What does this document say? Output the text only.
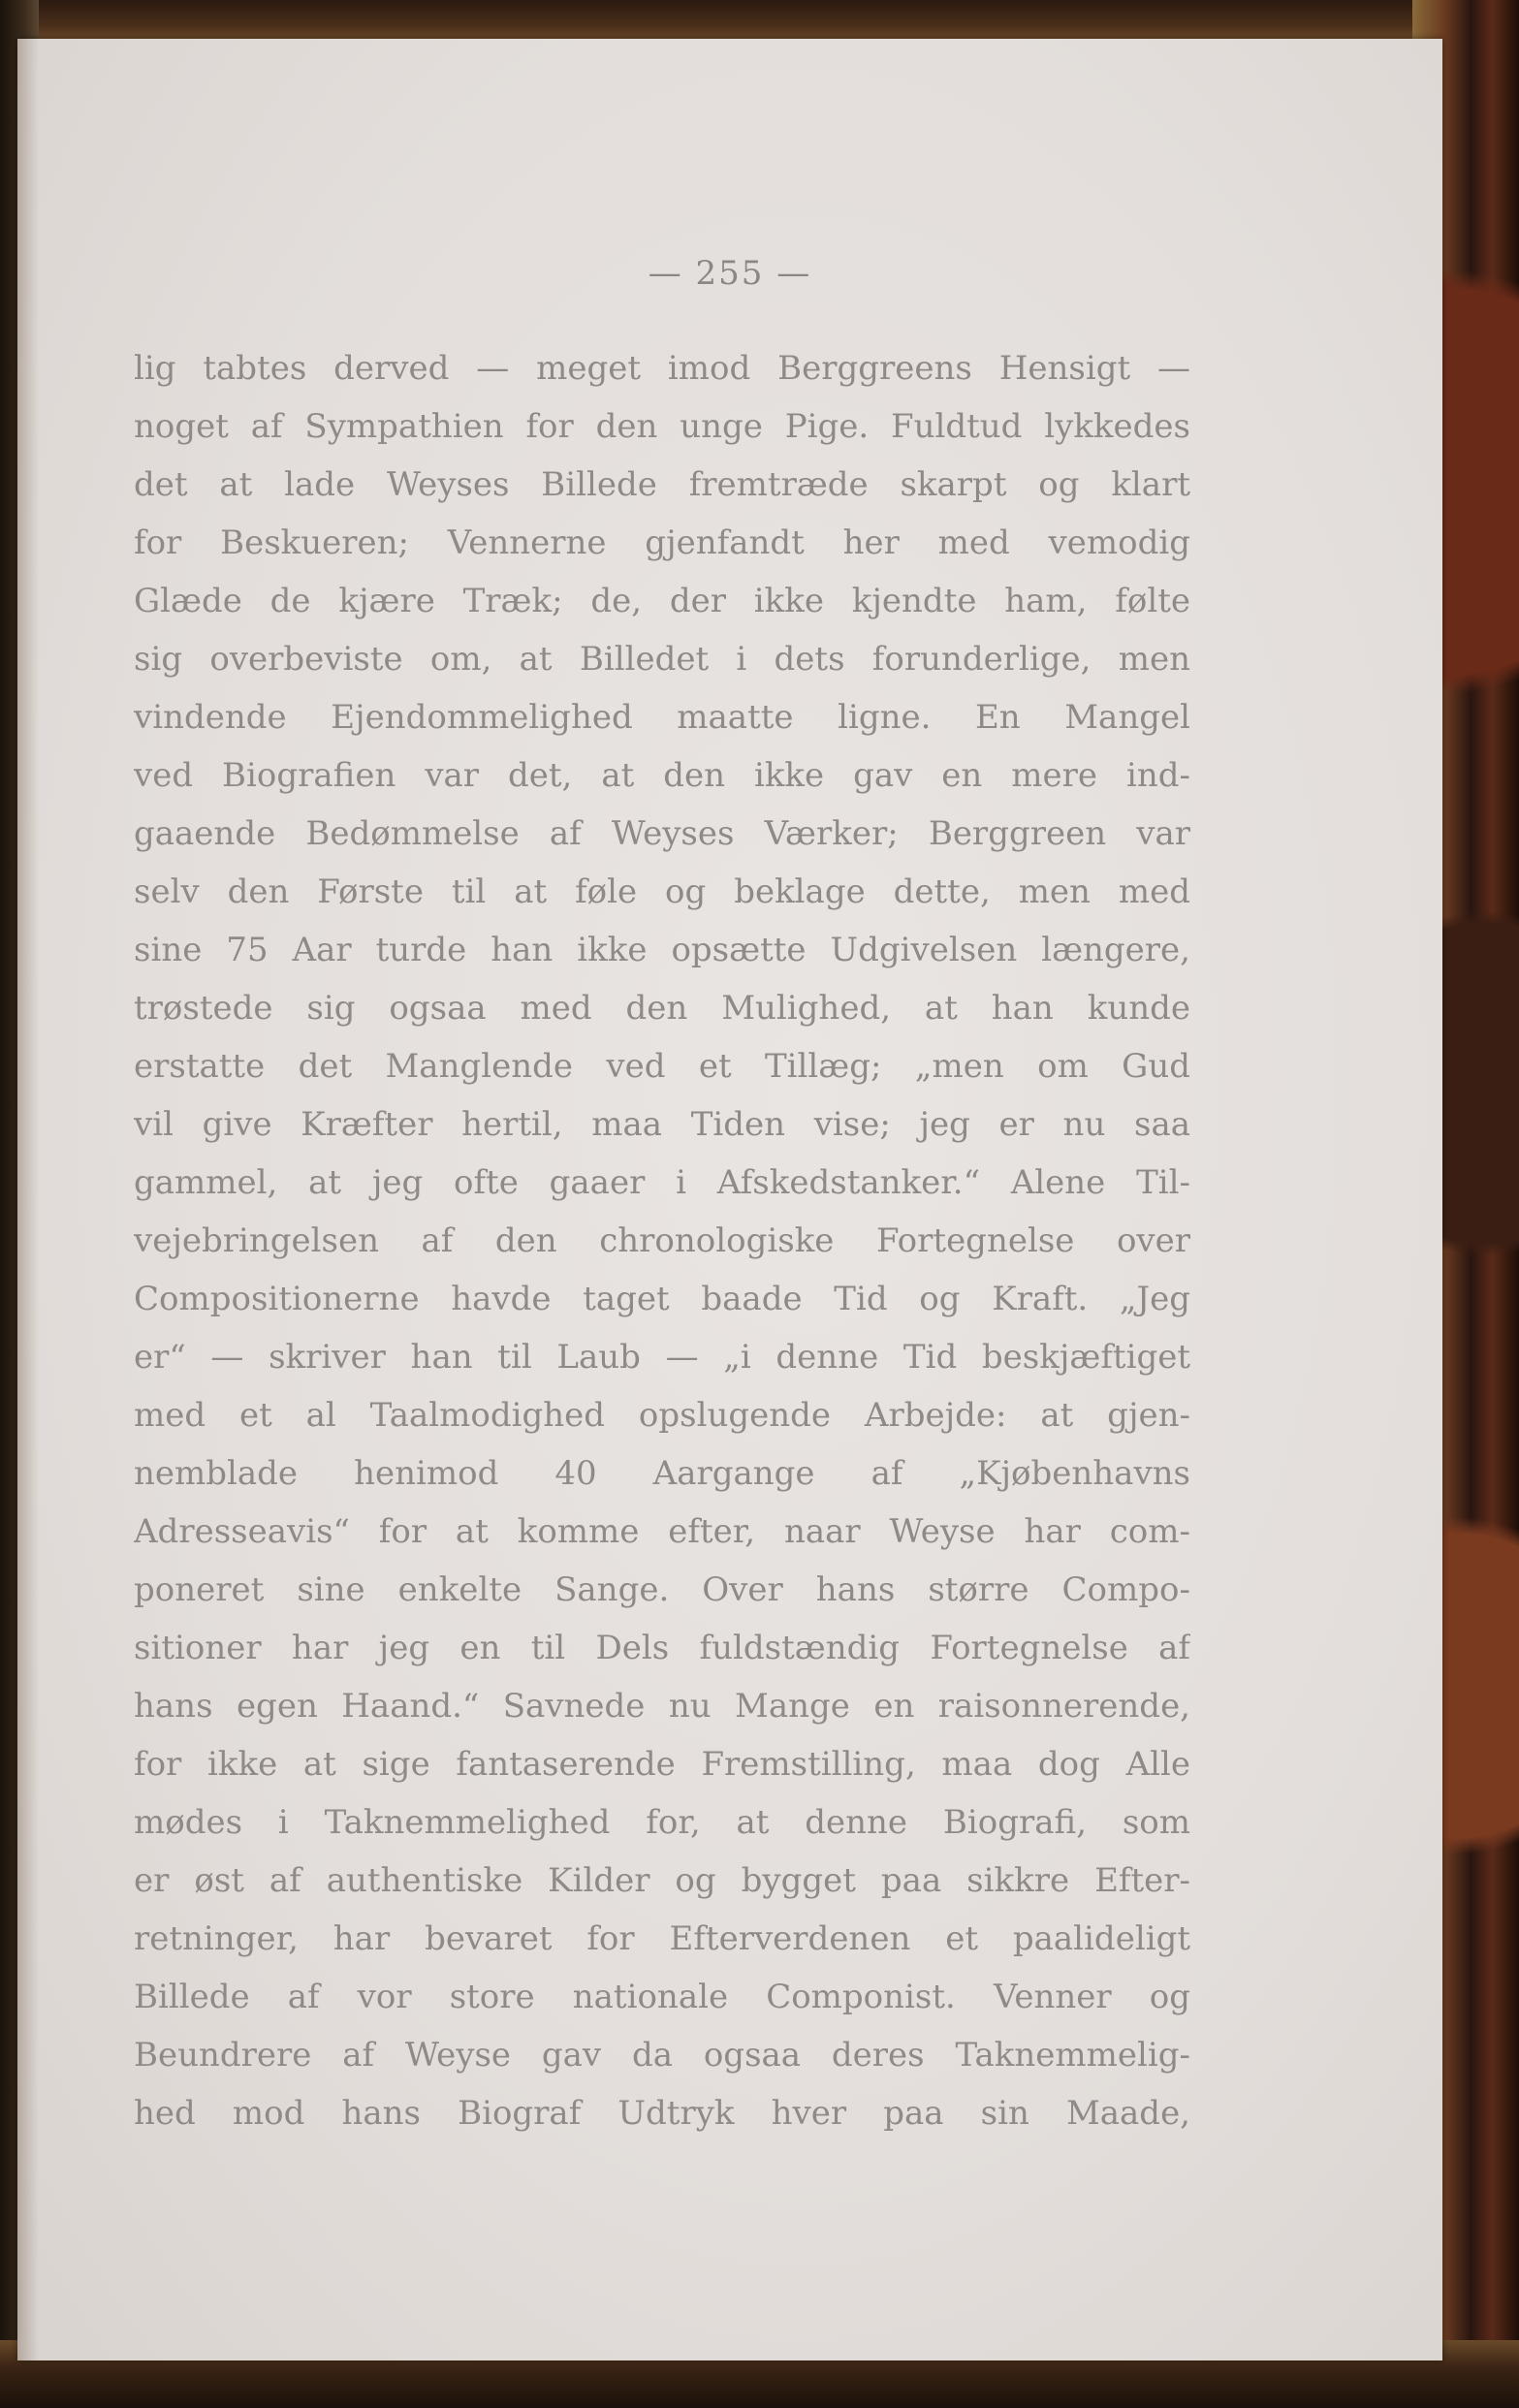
— 255 —
lig tabtes derved — meget imod Berggreens Hensigt —
noget af Sympathien for den unge Pige. Fuldtud lykkedes
det at lade Weyses Billede fremtræde skarpt og klart
for Beskueren; Vennerne gjenfandt her med vemodig
Glæde de kjære Træk; de, der ikke kjendte ham, følte
sig overbeviste om, at Billedet i dets forunderlige, men
vindende Ejendommelighed maatte ligne. En Mangel
ved Biografien var det, at den ikke gav en mere ind-
gaaende Bedømmelse af Weyses Værker; Berggreen var
selv den Første til at føle og beklage dette, men med
sine 75 Aar turde han ikke opsætte Udgivelsen længere,
trøstede sig ogsaa med den Mulighed, at han kunde
erstatte det Manglende ved et Tillæg; „men om Gud
vil give Kræfter hertil, maa Tiden vise; jeg er nu saa
gammel, at jeg ofte gaaer i Afskedstanker.“ Alene Til-
vejebringelsen af den chronologiske Fortegnelse over
Compositionerne havde taget baade Tid og Kraft. „Jeg
er“ — skriver han til Laub — „i denne Tid beskjæftiget
med et al Taalmodighed opslugende Arbejde: at gjen-
nemblade henimod 40 Aargange af „Kjøbenhavns
Adresseavis“ for at komme efter, naar Weyse har com-
poneret sine enkelte Sange. Over hans større Compo-
sitioner har jeg en til Dels fuldstændig Fortegnelse af
hans egen Haand.“ Savnede nu Mange en raisonnerende,
for ikke at sige fantaserende Fremstilling, maa dog Alle
mødes i Taknemmelighed for, at denne Biografi, som
er øst af authentiske Kilder og bygget paa sikkre Efter-
retninger, har bevaret for Efterverdenen et paalideligt
Billede af vor store nationale Componist. Venner og
Beundrere af Weyse gav da ogsaa deres Taknemmelig-
hed mod hans Biograf Udtryk hver paa sin Maade,
